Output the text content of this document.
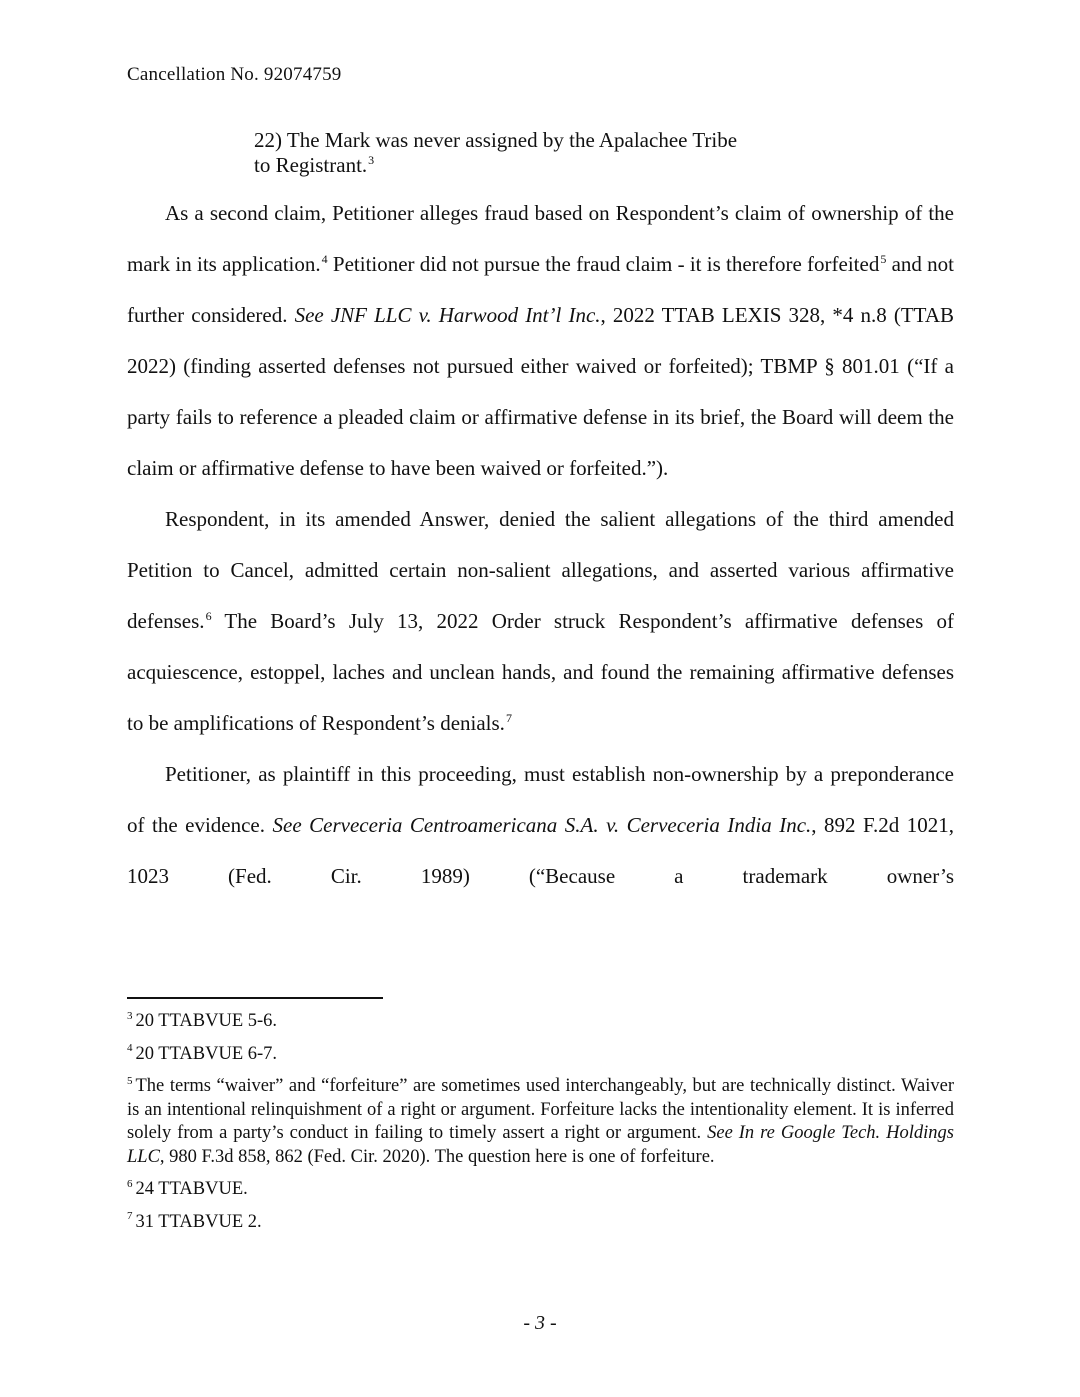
Cancellation No. 92074759
22) The Mark was never assigned by the Apalachee Tribe
to Registrant.$^3$

As a second claim, Petitioner alleges fraud based on Respondent’s claim of ownership of the mark in its application.$^4$ Petitioner did not pursue the fraud claim - it is therefore forfeited$^5$ and not further considered. See JNF LLC v. Harwood Int’l Inc., 2022 TTAB LEXIS 328, *4 n.8 (TTAB 2022) (finding asserted defenses not pursued either waived or forfeited); TBMP § 801.01 (“If a party fails to reference a pleaded claim or affirmative defense in its brief, the Board will deem the claim or affirmative defense to have been waived or forfeited.”).

Respondent, in its amended Answer, denied the salient allegations of the third amended Petition to Cancel, admitted certain non-salient allegations, and asserted various affirmative defenses.$^6$ The Board’s July 13, 2022 Order struck Respondent’s affirmative defenses of acquiescence, estoppel, laches and unclean hands, and found the remaining affirmative defenses to be amplifications of Respondent’s denials.$^7$

Petitioner, as plaintiff in this proceeding, must establish non-ownership by a preponderance of the evidence. See Cerveceria Centroamericana S.A. v. Cerveceria India Inc., 892 F.2d 1021, 1023 (Fed. Cir. 1989) (“Because a trademark owner’s

$^3$ 20 TTABVUE 5-6.

$^4$ 20 TTABVUE 6-7.

$^5$ The terms “waiver” and “forfeiture” are sometimes used interchangeably, but are technically distinct. Waiver is an intentional relinquishment of a right or argument. Forfeiture lacks the intentionality element. It is inferred solely from a party’s conduct in failing to timely assert a right or argument. See In re Google Tech. Holdings LLC, 980 F.3d 858, 862 (Fed. Cir. 2020). The question here is one of forfeiture.

$^6$ 24 TTABVUE.

$^7$ 31 TTABVUE 2.

- 3 -
